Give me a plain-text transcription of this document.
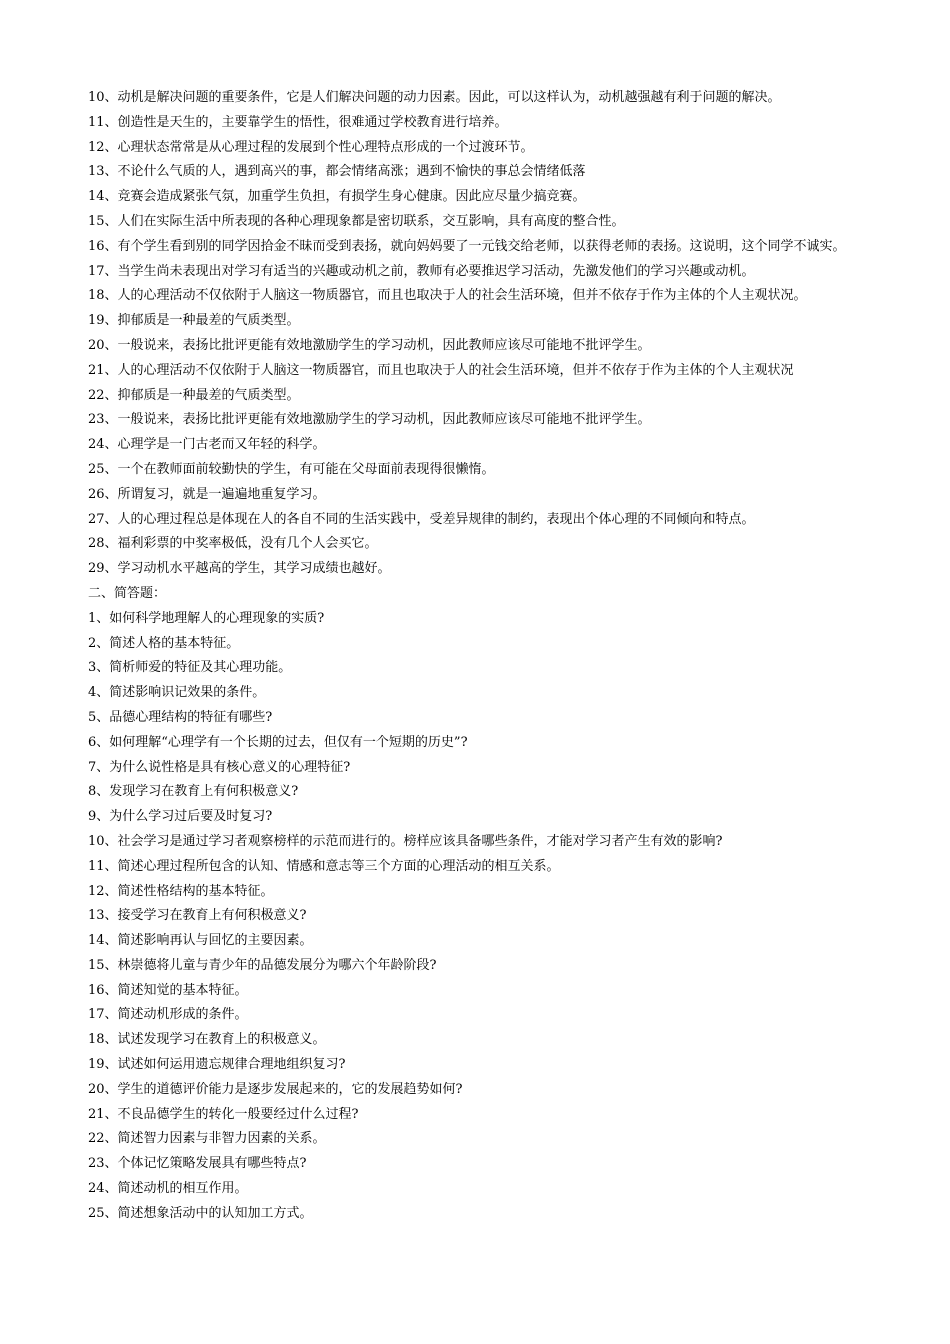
10、动机是解决问题的重要条件，它是人们解决问题的动力因素。因此，可以这样认为，动机越强越有利于问题的解决。
11、创造性是天生的，主要靠学生的悟性，很难通过学校教育进行培养。
12、心理状态常常是从心理过程的发展到个性心理特点形成的一个过渡环节。
13、不论什么气质的人，遇到高兴的事，都会情绪高涨；遇到不愉快的事总会情绪低落
14、竞赛会造成紧张气氛，加重学生负担，有损学生身心健康。因此应尽量少搞竞赛。
15、人们在实际生活中所表现的各种心理现象都是密切联系，交互影响，具有高度的整合性。
16、有个学生看到别的同学因拾金不昧而受到表扬，就向妈妈要了一元钱交给老师，以获得老师的表扬。这说明，这个同学不诚实。
17、当学生尚未表现出对学习有适当的兴趣或动机之前，教师有必要推迟学习活动，先激发他们的学习兴趣或动机。
18、人的心理活动不仅依附于人脑这一物质器官，而且也取决于人的社会生活环境，但并不依存于作为主体的个人主观状况。
19、抑郁质是一种最差的气质类型。
20、一般说来，表扬比批评更能有效地激励学生的学习动机，因此教师应该尽可能地不批评学生。
21、人的心理活动不仅依附于人脑这一物质器官，而且也取决于人的社会生活环境，但并不依存于作为主体的个人主观状况
22、抑郁质是一种最差的气质类型。
23、一般说来，表扬比批评更能有效地激励学生的学习动机，因此教师应该尽可能地不批评学生。
24、心理学是一门古老而又年轻的科学。
25、一个在教师面前较勤快的学生，有可能在父母面前表现得很懒惰。
26、所谓复习，就是一遍遍地重复学习。
27、人的心理过程总是体现在人的各自不同的生活实践中，受差异规律的制约，表现出个体心理的不同倾向和特点。
28、福利彩票的中奖率极低，没有几个人会买它。
29、学习动机水平越高的学生，其学习成绩也越好。
二、简答题：
1、如何科学地理解人的心理现象的实质?
2、简述人格的基本特征。
3、简析师爱的特征及其心理功能。
4、简述影响识记效果的条件。
5、品德心理结构的特征有哪些?
6、如何理解“心理学有一个长期的过去，但仅有一个短期的历史”?
7、为什么说性格是具有核心意义的心理特征?
8、发现学习在教育上有何积极意义?
9、为什么学习过后要及时复习?
10、社会学习是通过学习者观察榜样的示范而进行的。榜样应该具备哪些条件，才能对学习者产生有效的影响?
11、简述心理过程所包含的认知、情感和意志等三个方面的心理活动的相互关系。
12、简述性格结构的基本特征。
13、接受学习在教育上有何积极意义?
14、简述影响再认与回忆的主要因素。
15、林崇德将儿童与青少年的品德发展分为哪六个年龄阶段?
16、简述知觉的基本特征。
17、简述动机形成的条件。
18、试述发现学习在教育上的积极意义。
19、试述如何运用遗忘规律合理地组织复习?
20、学生的道德评价能力是逐步发展起来的，它的发展趋势如何?
21、不良品德学生的转化一般要经过什么过程?
22、简述智力因素与非智力因素的关系。
23、个体记忆策略发展具有哪些特点?
24、简述动机的相互作用。
25、简述想象活动中的认知加工方式。
